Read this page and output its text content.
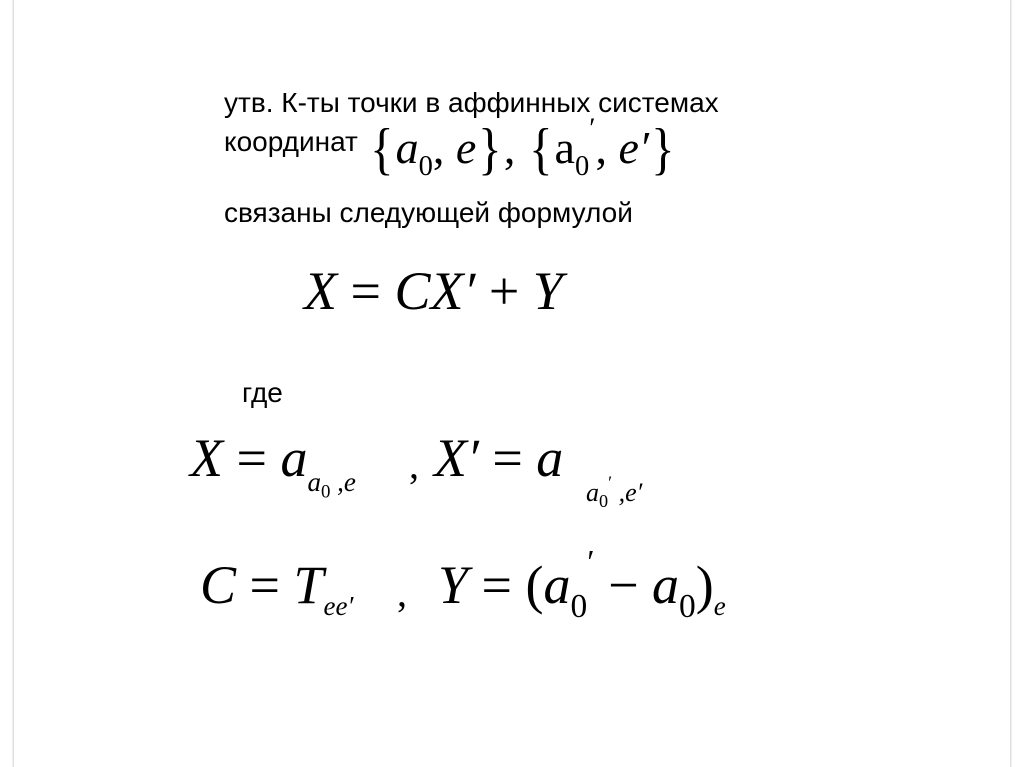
утв. К-ты точки в аффинных системах
координат {$a_0$, e}, {$a_0'$, e′}
связаны следующей формулой
X = CX′ + Y
где
$X = a_{a_0 ,e}$ , X′ = a
$a_0'$ ,e′
$C = T_{ee'}$ , $Y = (a_0' - a_0)_e$
